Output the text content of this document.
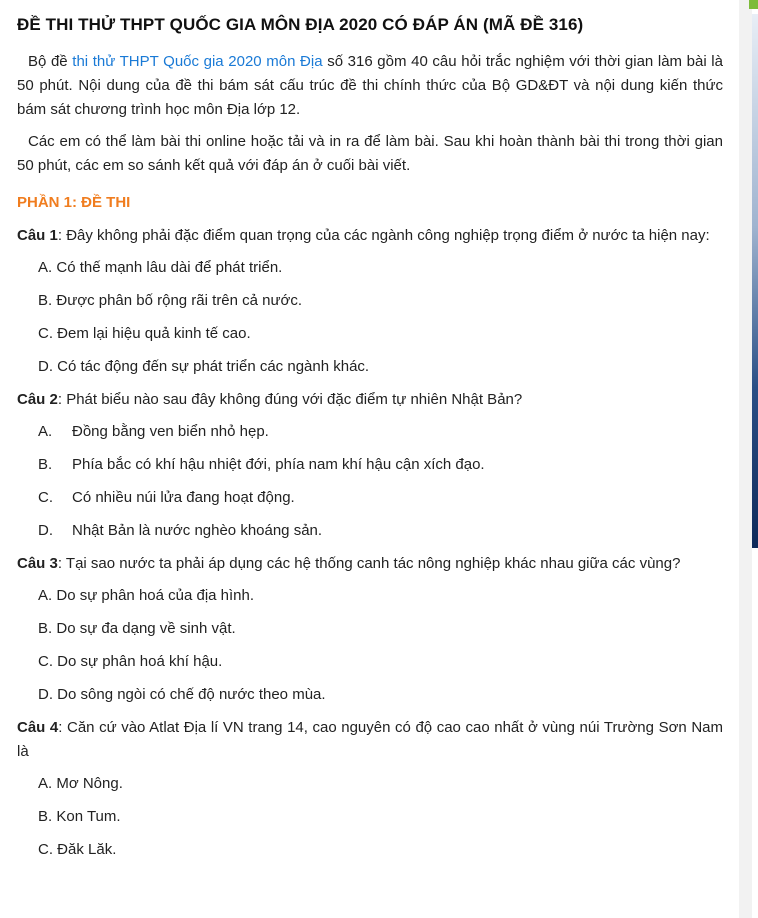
ĐỀ THI THỬ THPT QUỐC GIA MÔN ĐỊA 2020 CÓ ĐÁP ÁN (MÃ ĐỀ 316)

Bộ đề thi thử THPT Quốc gia 2020 môn Địa số 316 gồm 40 câu hỏi trắc nghiệm với thời gian làm bài là 50 phút. Nội dung của đề thi bám sát cấu trúc đề thi chính thức của Bộ GD&ĐT và nội dung kiến thức bám sát chương trình học môn Địa lớp 12.

Các em có thể làm bài thi online hoặc tải và in ra để làm bài. Sau khi hoàn thành bài thi trong thời gian 50 phút, các em so sánh kết quả với đáp án ở cuối bài viết.

PHẦN 1: ĐỀ THI

Câu 1: Đây không phải đặc điểm quan trọng của các ngành công nghiệp trọng điểm ở nước ta hiện nay:

A. Có thế mạnh lâu dài để phát triển.
B. Được phân bố rộng rãi trên cả nước.
C. Đem lại hiệu quả kinh tế cao.
D. Có tác động đến sự phát triển các ngành khác.

Câu 2: Phát biểu nào sau đây không đúng với đặc điểm tự nhiên Nhật Bản?

A. Đồng bằng ven biển nhỏ hẹp.
B. Phía bắc có khí hậu nhiệt đới, phía nam khí hậu cận xích đạo.
C. Có nhiều núi lửa đang hoạt động.
D. Nhật Bản là nước nghèo khoáng sản.

Câu 3: Tại sao nước ta phải áp dụng các hệ thống canh tác nông nghiệp khác nhau giữa các vùng?

A. Do sự phân hoá của địa hình.
B. Do sự đa dạng về sinh vật.
C. Do sự phân hoá khí hậu.
D. Do sông ngòi có chế độ nước theo mùa.

Câu 4: Căn cứ vào Atlat Địa lí VN trang 14, cao nguyên có độ cao cao nhất ở vùng núi Trường Sơn Nam là

A. Mơ Nông.
B. Kon Tum.
C. Đăk Lăk.
